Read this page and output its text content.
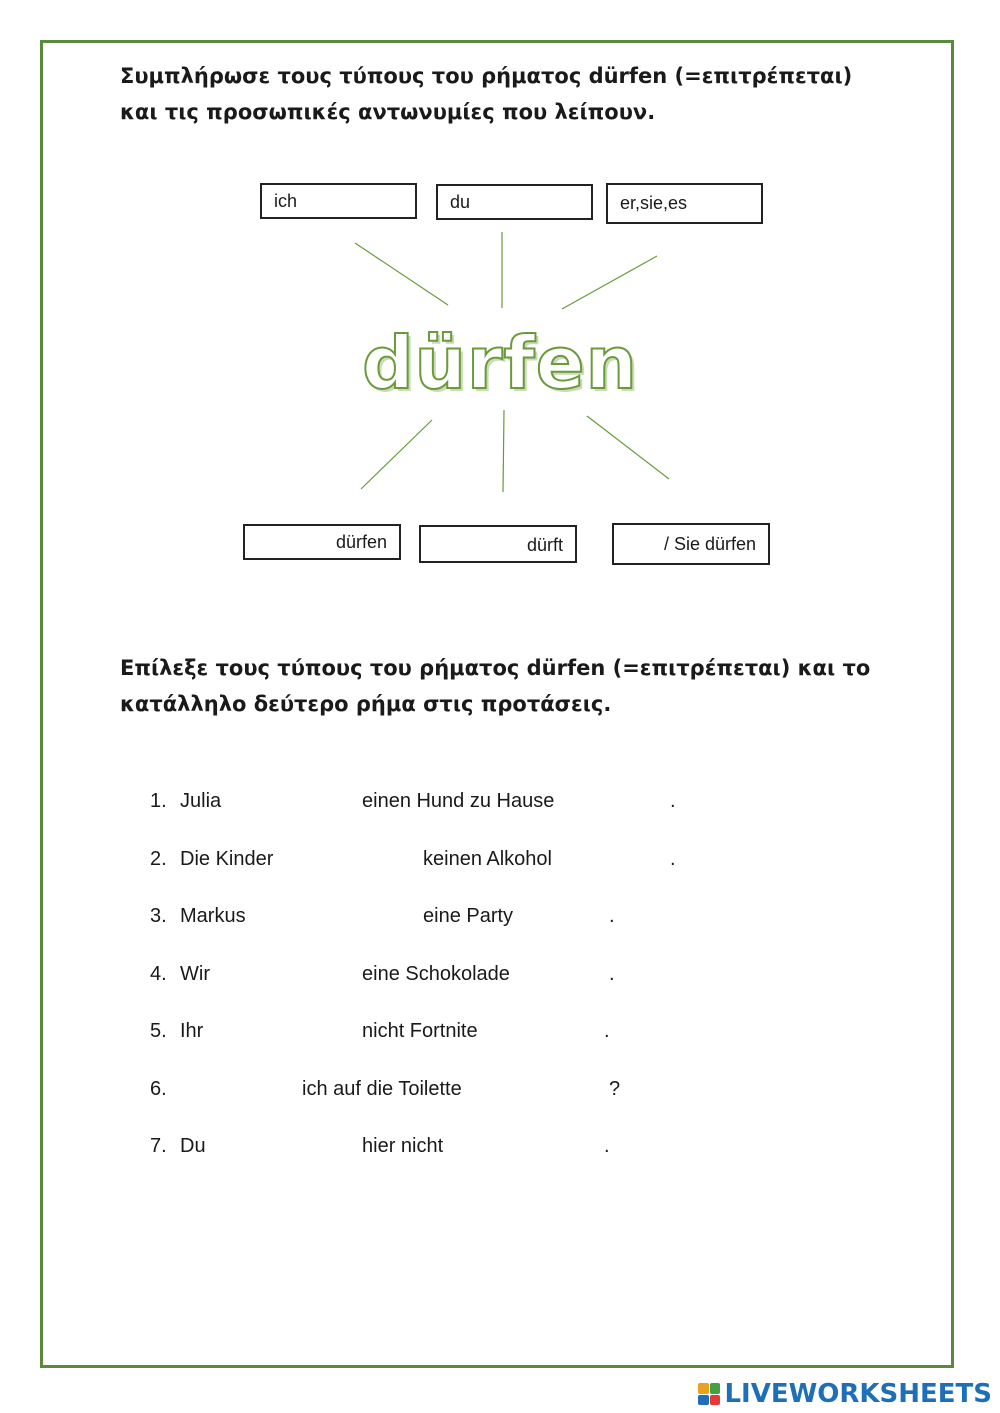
Συμπλήρωσε τους τύπους του ρήματος dürfen (=επιτρέπεται) και τις προσωπικές αντωνυμίες που λείπουν.

ich	du	er,sie,es
dürfen
dürfen	dürft	/ Sie dürfen

Επίλεξε τους τύπους του ρήματος dürfen (=επιτρέπεται) και το κατάλληλο δεύτερο ρήμα στις προτάσεις.

1. Julia	einen Hund zu Hause	.
2. Die Kinder	keinen Alkohol	.
3. Markus	eine Party	.
4. Wir	eine Schokolade	.
5. Ihr	nicht Fortnite	.
6.	ich auf die Toilette	?
7. Du	hier nicht	.
LIVEWORKSHEETS
